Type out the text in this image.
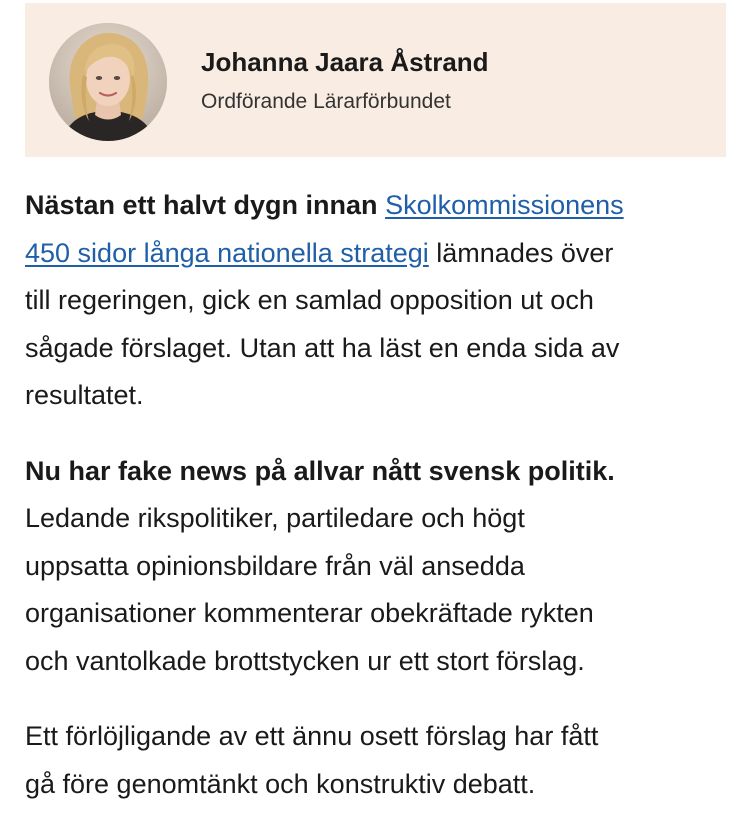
Johanna Jaara Åstrand
Ordförande Lärarförbundet

Nästan ett halvt dygn innan Skolkommissionens
450 sidor långa nationella strategi lämnades över
till regeringen, gick en samlad opposition ut och
sågade förslaget. Utan att ha läst en enda sida av
resultatet.

Nu har fake news på allvar nått svensk politik.
Ledande rikspolitiker, partiledare och högt
uppsatta opinionsbildare från väl ansedda
organisationer kommenterar obekräftade rykten
och vantolkade brottstycken ur ett stort förslag.

Ett förlöjligande av ett ännu osett förslag har fått
gå före genomtänkt och konstruktiv debatt.
